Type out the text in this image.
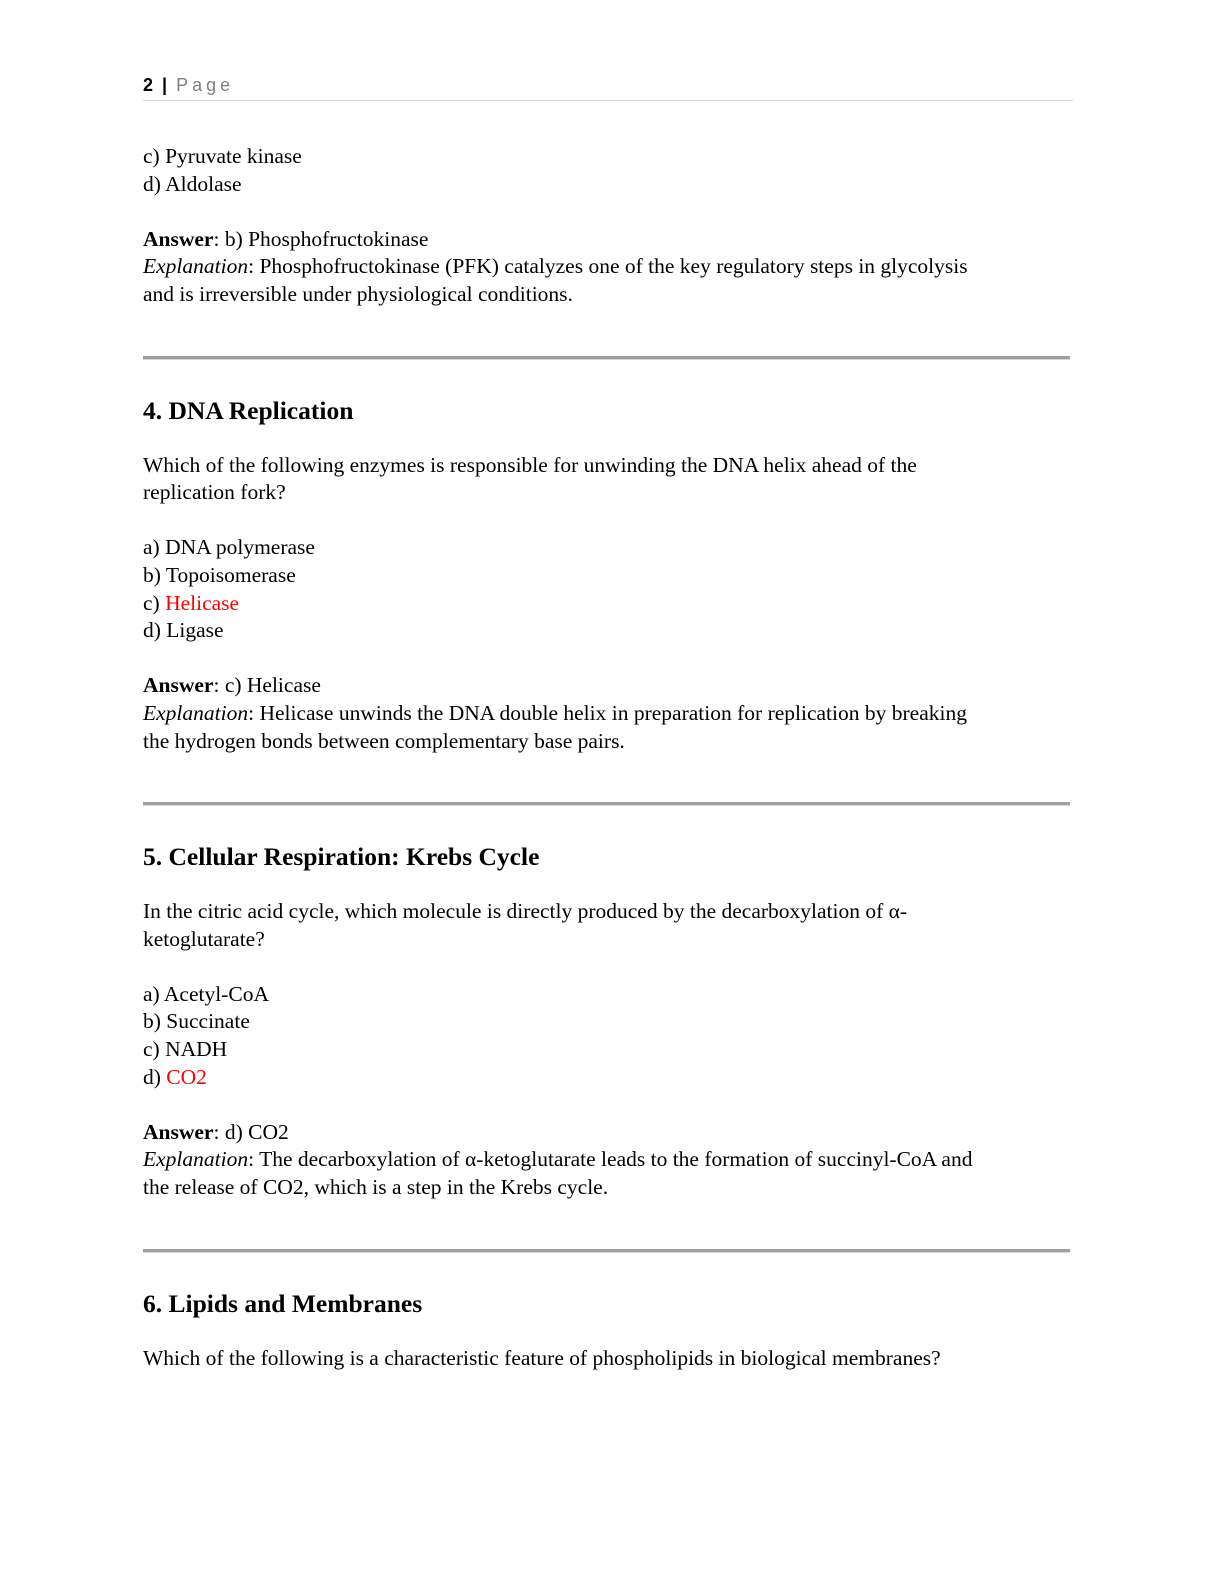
2 | Page
c) Pyruvate kinase
d) Aldolase
Answer: b) Phosphofructokinase
Explanation: Phosphofructokinase (PFK) catalyzes one of the key regulatory steps in glycolysis
and is irreversible under physiological conditions.
4. DNA Replication
Which of the following enzymes is responsible for unwinding the DNA helix ahead of the
replication fork?
a) DNA polymerase
b) Topoisomerase
c) Helicase
d) Ligase
Answer: c) Helicase
Explanation: Helicase unwinds the DNA double helix in preparation for replication by breaking
the hydrogen bonds between complementary base pairs.
5. Cellular Respiration: Krebs Cycle
In the citric acid cycle, which molecule is directly produced by the decarboxylation of α-
ketoglutarate?
a) Acetyl-CoA
b) Succinate
c) NADH
d) CO2
Answer: d) CO2
Explanation: The decarboxylation of α-ketoglutarate leads to the formation of succinyl-CoA and
the release of CO2, which is a step in the Krebs cycle.
6. Lipids and Membranes
Which of the following is a characteristic feature of phospholipids in biological membranes?
